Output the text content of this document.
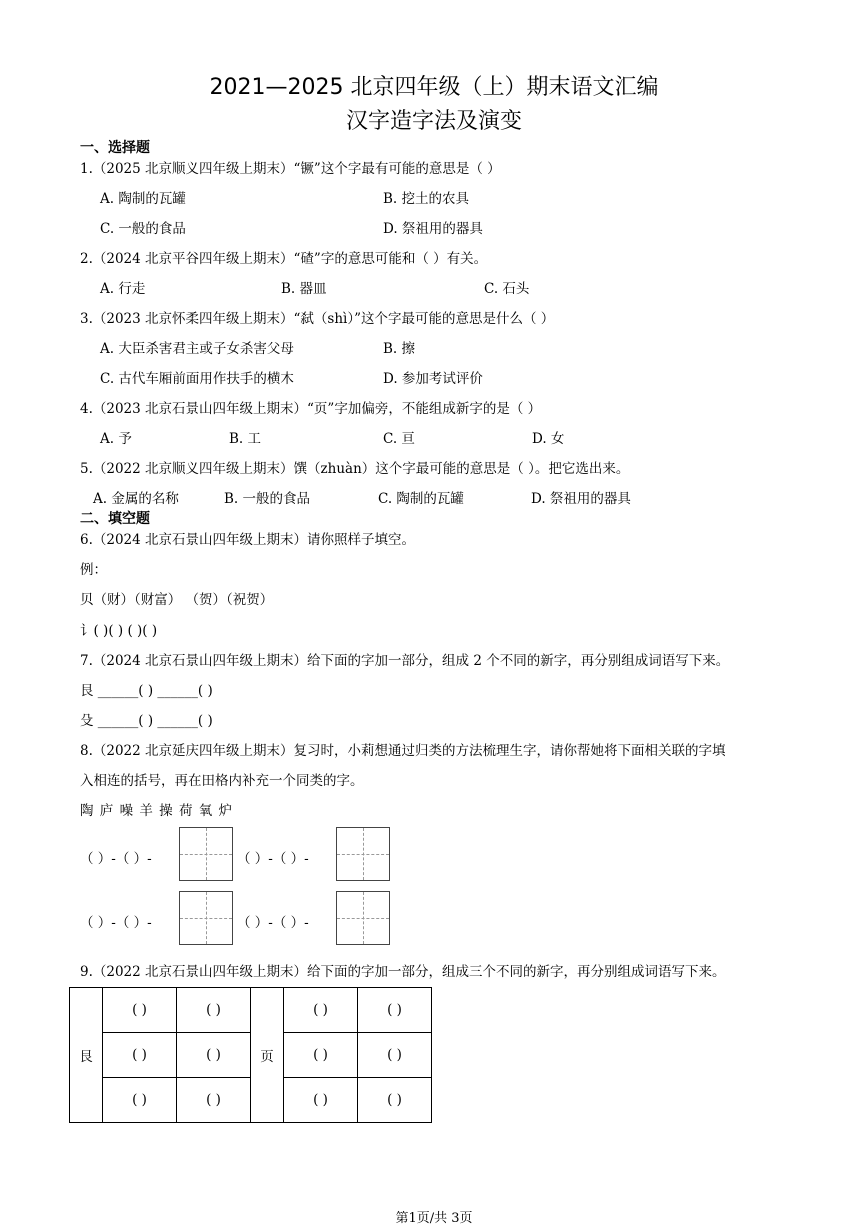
2021—2025 北京四年级（上）期末语文汇编
汉字造字法及演变
一、选择题
1.（2025 北京顺义四年级上期末）“镢”这个字最有可能的意思是（ ）
A. 陶制的瓦罐	B. 挖土的农具
C. 一般的食品	D. 祭祖用的器具
2.（2024 北京平谷四年级上期末）“碴”字的意思可能和（ ）有关。
A. 行走	B. 器皿	C. 石头
3.（2023 北京怀柔四年级上期末）“弑（shì）”这个字最可能的意思是什么（ ）
A. 大臣杀害君主或子女杀害父母	B. 擦
C. 古代车厢前面用作扶手的横木	D. 参加考试评价
4.（2023 北京石景山四年级上期末）“页”字加偏旁，不能组成新字的是（ ）
A. 予	B. 工	C. 亘	D. 女
5.（2022 北京顺义四年级上期末）馔（zhuàn）这个字最可能的意思是（ ）。把它选出来。
A. 金属的名称	B. 一般的食品	C. 陶制的瓦罐	D. 祭祖用的器具
二、填空题
6.（2024 北京石景山四年级上期末）请你照样子填空。
例：
贝（财）（财富） （贺）（祝贺）
讠( )( ) ( )( )
7.（2024 北京石景山四年级上期末）给下面的字加一部分，组成 2 个不同的新字，再分别组成词语写下来。
艮 ______( ) ______( )
殳 ______( ) ______( )
8.（2022 北京延庆四年级上期末）复习时，小莉想通过归类的方法梳理生字，请你帮她将下面相关联的字填
入相连的括号，再在田格内补充一个同类的字。
陶 庐 噪 羊 操 荷 氧 炉
（ ）-（ ）-	（ ）-（ ）-
（ ）-（ ）-	（ ）-（ ）-
9.（2022 北京石景山四年级上期末）给下面的字加一部分，组成三个不同的新字，再分别组成词语写下来。
艮	( )	( )	页	( )	( )
	( )	( )		( )	( )
	( )	( )		( )	( )
第1页/共 3页
